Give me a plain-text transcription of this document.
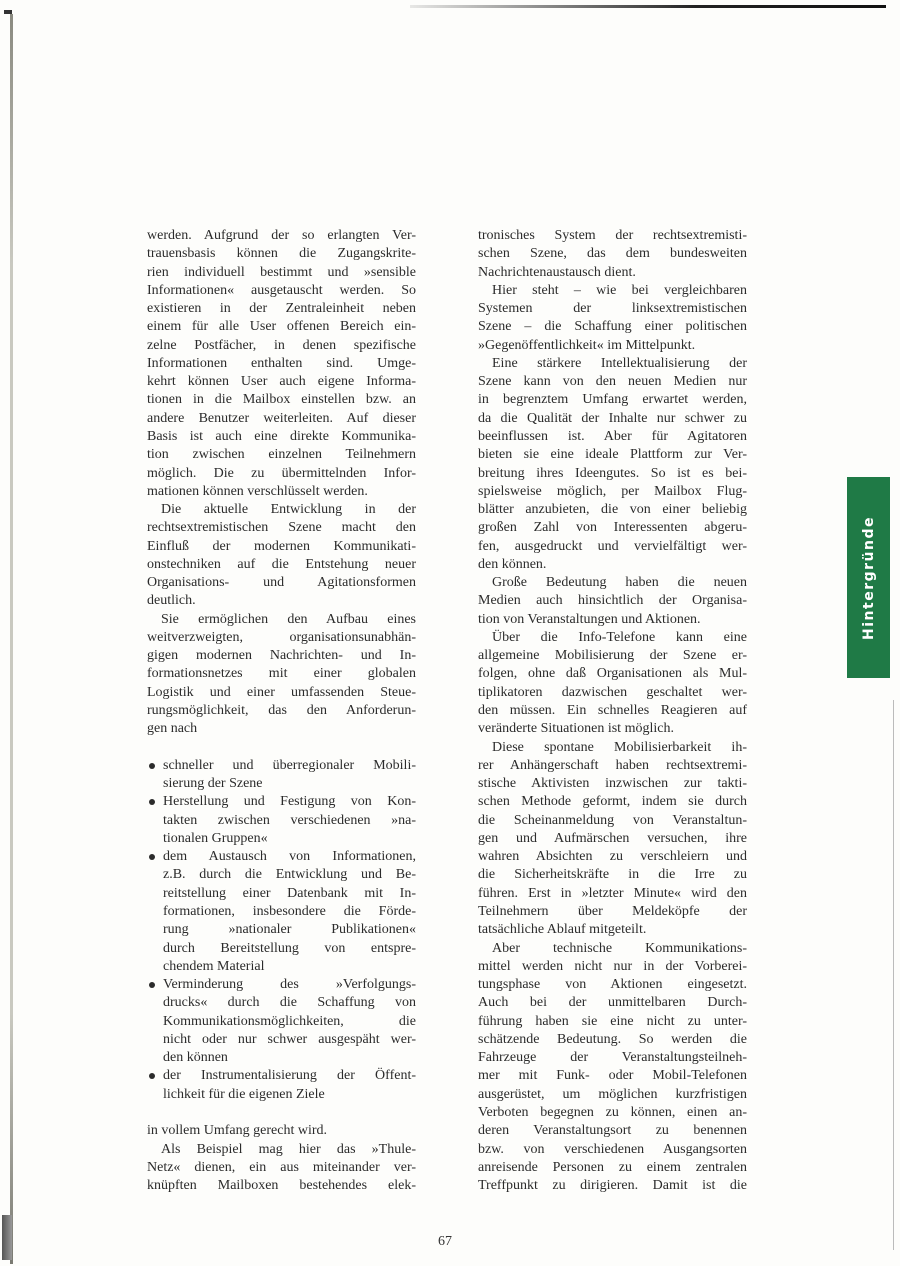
werden. Aufgrund der so erlangten Ver-
trauensbasis können die Zugangskrite-
rien individuell bestimmt und »sensible
Informationen« ausgetauscht werden. So
existieren in der Zentraleinheit neben
einem für alle User offenen Bereich ein-
zelne Postfächer, in denen spezifische
Informationen enthalten sind. Umge-
kehrt können User auch eigene Informa-
tionen in die Mailbox einstellen bzw. an
andere Benutzer weiterleiten. Auf dieser
Basis ist auch eine direkte Kommunika-
tion zwischen einzelnen Teilnehmern
möglich. Die zu übermittelnden Infor-
mationen können verschlüsselt werden.
Die aktuelle Entwicklung in der
rechtsextremistischen Szene macht den
Einfluß der modernen Kommunikati-
onstechniken auf die Entstehung neuer
Organisations- und Agitationsformen
deutlich.
Sie ermöglichen den Aufbau eines
weitverzweigten, organisationsunabhän-
gigen modernen Nachrichten- und In-
formationsnetzes mit einer globalen
Logistik und einer umfassenden Steue-
rungsmöglichkeit, das den Anforderun-
gen nach
schneller und überregionaler Mobili-
sierung der Szene
Herstellung und Festigung von Kon-
takten zwischen verschiedenen »na-
tionalen Gruppen«
dem Austausch von Informationen,
z.B. durch die Entwicklung und Be-
reitstellung einer Datenbank mit In-
formationen, insbesondere die Förde-
rung »nationaler Publikationen«
durch Bereitstellung von entspre-
chendem Material
Verminderung des »Verfolgungs-
drucks« durch die Schaffung von
Kommunikationsmöglichkeiten, die
nicht oder nur schwer ausgespäht wer-
den können
der Instrumentalisierung der Öffent-
lichkeit für die eigenen Ziele
in vollem Umfang gerecht wird.
Als Beispiel mag hier das »Thule-
Netz« dienen, ein aus miteinander ver-
knüpften Mailboxen bestehendes elek-
tronisches System der rechtsextremisti-
schen Szene, das dem bundesweiten
Nachrichtenaustausch dient.
Hier steht – wie bei vergleichbaren
Systemen der linksextremistischen
Szene – die Schaffung einer politischen
»Gegenöffentlichkeit« im Mittelpunkt.
Eine stärkere Intellektualisierung der
Szene kann von den neuen Medien nur
in begrenztem Umfang erwartet werden,
da die Qualität der Inhalte nur schwer zu
beeinflussen ist. Aber für Agitatoren
bieten sie eine ideale Plattform zur Ver-
breitung ihres Ideengutes. So ist es bei-
spielsweise möglich, per Mailbox Flug-
blätter anzubieten, die von einer beliebig
großen Zahl von Interessenten abgeru-
fen, ausgedruckt und vervielfältigt wer-
den können.
Große Bedeutung haben die neuen
Medien auch hinsichtlich der Organisa-
tion von Veranstaltungen und Aktionen.
Über die Info-Telefone kann eine
allgemeine Mobilisierung der Szene er-
folgen, ohne daß Organisationen als Mul-
tiplikatoren dazwischen geschaltet wer-
den müssen. Ein schnelles Reagieren auf
veränderte Situationen ist möglich.
Diese spontane Mobilisierbarkeit ih-
rer Anhängerschaft haben rechtsextremi-
stische Aktivisten inzwischen zur takti-
schen Methode geformt, indem sie durch
die Scheinanmeldung von Veranstaltun-
gen und Aufmärschen versuchen, ihre
wahren Absichten zu verschleiern und
die Sicherheitskräfte in die Irre zu
führen. Erst in »letzter Minute« wird den
Teilnehmern über Meldeköpfe der
tatsächliche Ablauf mitgeteilt.
Aber technische Kommunikations-
mittel werden nicht nur in der Vorberei-
tungsphase von Aktionen eingesetzt.
Auch bei der unmittelbaren Durch-
führung haben sie eine nicht zu unter-
schätzende Bedeutung. So werden die
Fahrzeuge der Veranstaltungsteilneh-
mer mit Funk- oder Mobil-Telefonen
ausgerüstet, um möglichen kurzfristigen
Verboten begegnen zu können, einen an-
deren Veranstaltungsort zu benennen
bzw. von verschiedenen Ausgangsorten
anreisende Personen zu einem zentralen
Treffpunkt zu dirigieren. Damit ist die
Hintergründe
67
